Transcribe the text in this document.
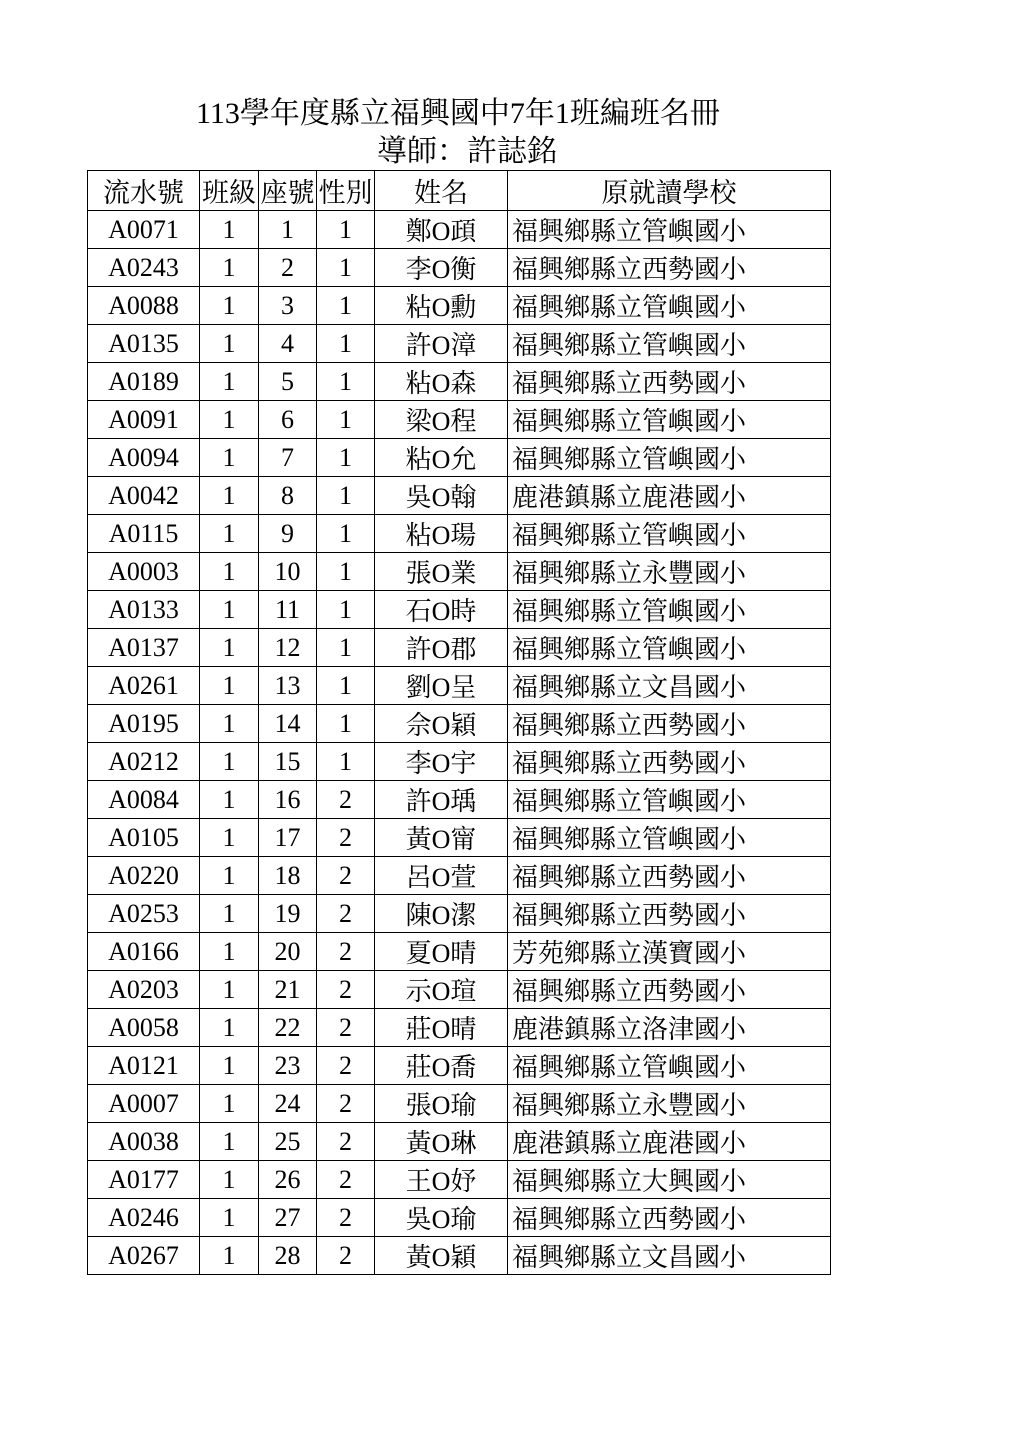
113學年度縣立福興國中7年1班編班名冊
導師：許誌銘
流水號	班級	座號	性別	姓名	原就讀學校
A0071	1	1	1	鄭O頙	福興鄉縣立管嶼國小
A0243	1	2	1	李O衡	福興鄉縣立西勢國小
A0088	1	3	1	粘O勳	福興鄉縣立管嶼國小
A0135	1	4	1	許O漳	福興鄉縣立管嶼國小
A0189	1	5	1	粘O森	福興鄉縣立西勢國小
A0091	1	6	1	梁O程	福興鄉縣立管嶼國小
A0094	1	7	1	粘O允	福興鄉縣立管嶼國小
A0042	1	8	1	吳O翰	鹿港鎮縣立鹿港國小
A0115	1	9	1	粘O瑒	福興鄉縣立管嶼國小
A0003	1	10	1	張O業	福興鄉縣立永豐國小
A0133	1	11	1	石O時	福興鄉縣立管嶼國小
A0137	1	12	1	許O郡	福興鄉縣立管嶼國小
A0261	1	13	1	劉O呈	福興鄉縣立文昌國小
A0195	1	14	1	佘O穎	福興鄉縣立西勢國小
A0212	1	15	1	李O宇	福興鄉縣立西勢國小
A0084	1	16	2	許O瑀	福興鄉縣立管嶼國小
A0105	1	17	2	黃O甯	福興鄉縣立管嶼國小
A0220	1	18	2	呂O萱	福興鄉縣立西勢國小
A0253	1	19	2	陳O潔	福興鄉縣立西勢國小
A0166	1	20	2	夏O晴	芳苑鄉縣立漢寶國小
A0203	1	21	2	示O瑄	福興鄉縣立西勢國小
A0058	1	22	2	莊O晴	鹿港鎮縣立洛津國小
A0121	1	23	2	莊O喬	福興鄉縣立管嶼國小
A0007	1	24	2	張O瑜	福興鄉縣立永豐國小
A0038	1	25	2	黃O琳	鹿港鎮縣立鹿港國小
A0177	1	26	2	王O妤	福興鄉縣立大興國小
A0246	1	27	2	吳O瑜	福興鄉縣立西勢國小
A0267	1	28	2	黃O穎	福興鄉縣立文昌國小
